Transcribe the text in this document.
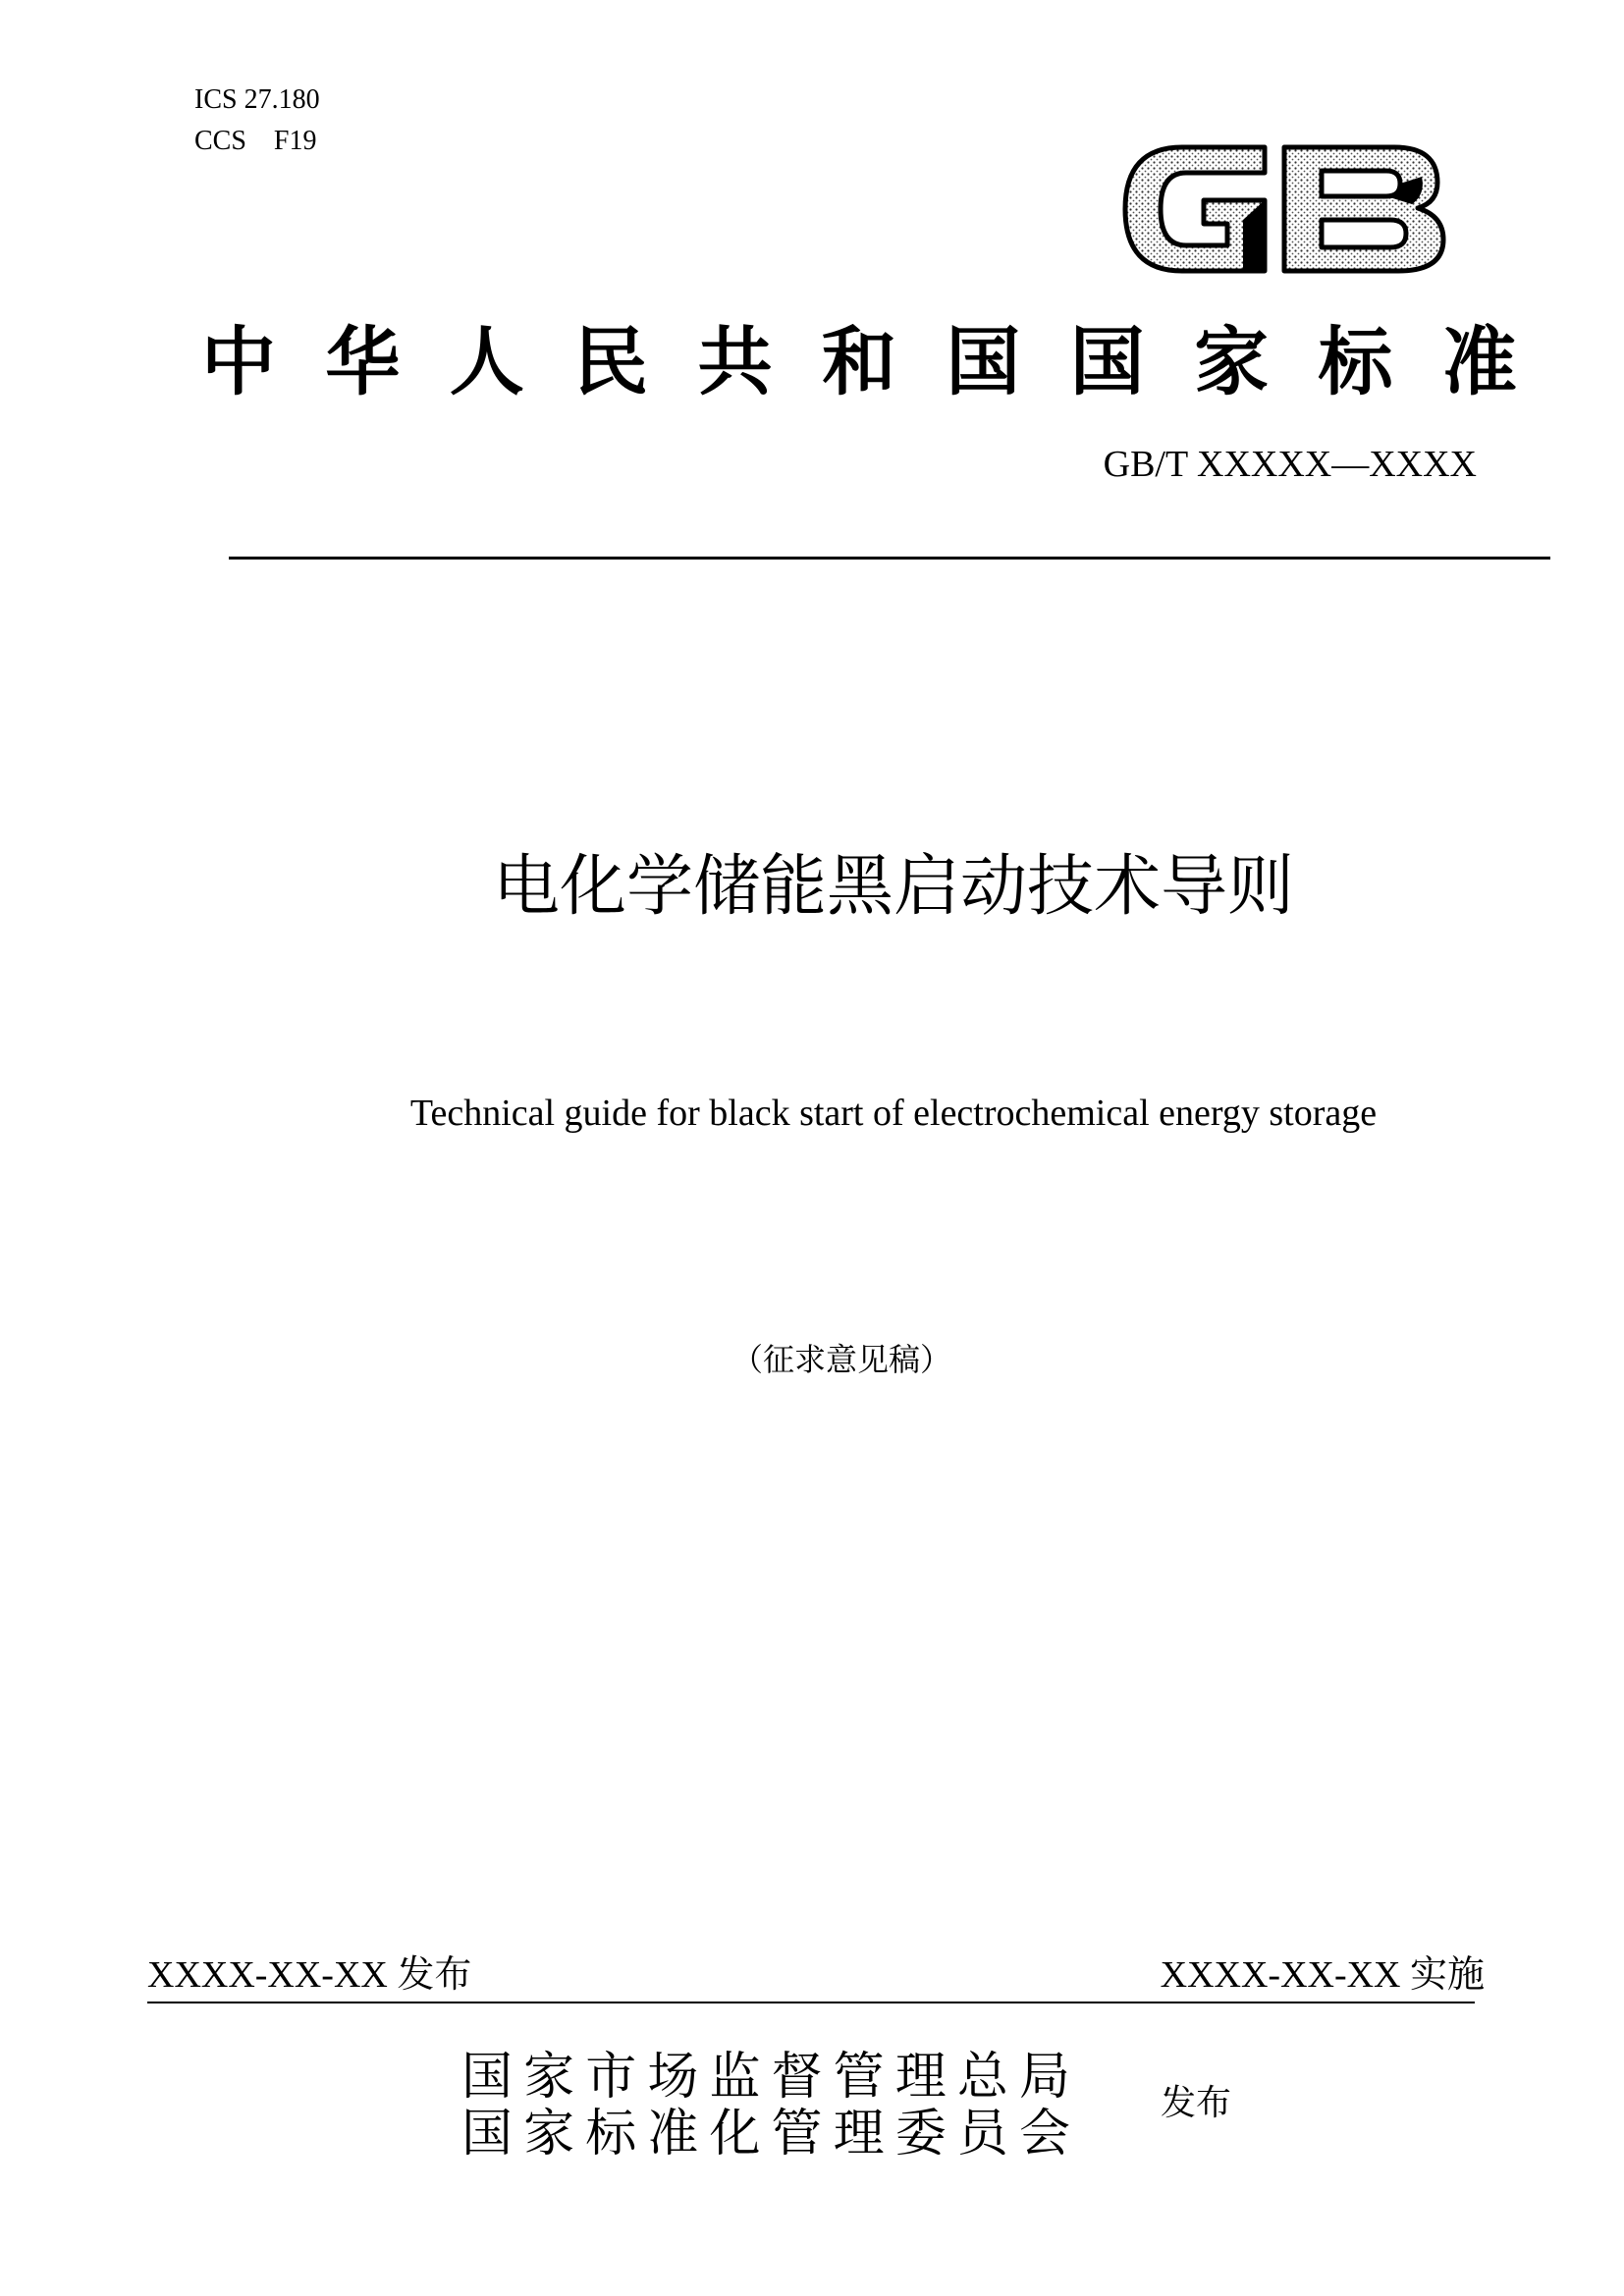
ICS 27.180
CCS    F19	GB
中 华 人 民 共 和 国 国 家 标 准
GB/T XXXXX—XXXX
电化学储能黑启动技术导则
Technical guide for black start of electrochemical energy storage
（征求意见稿）
XXXX-XX-XX 发布	XXXX-XX-XX 实施
国 家 市 场 监 督 管 理 总 局
国 家 标 准 化 管 理 委 员 会
发布
